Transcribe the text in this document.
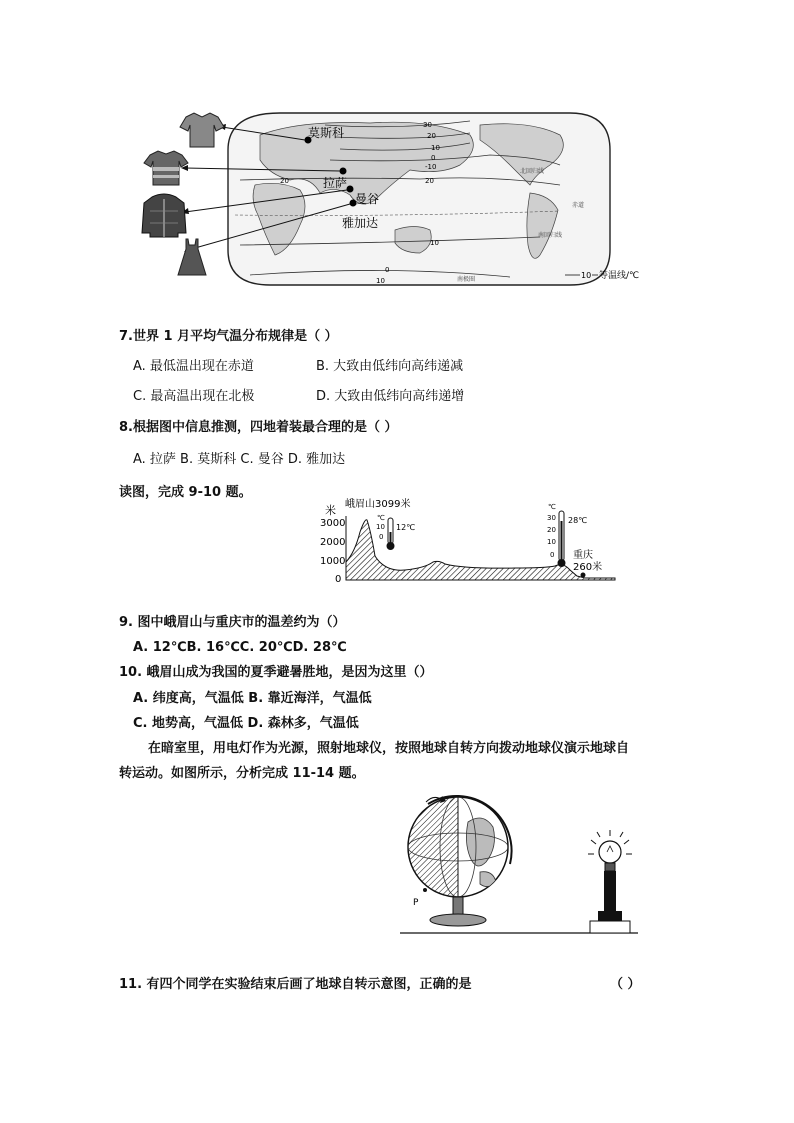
30
20
10
0
-10
20
10
0
10
20
北回归线
赤道
南回归线
南极圈
莫斯科
拉萨
曼谷
雅加达
10 等温线/℃
7.世界 1 月平均气温分布规律是（ ）
A. 最低温出现在赤道	B. 大致由低纬向高纬递减
C. 最高温出现在北极	D. 大致由低纬向高纬递增
8.根据图中信息推测，四地着装最合理的是（ ）
A. 拉萨 B. 莫斯科 C. 曼谷 D. 雅加达
读图，完成 9-10 题。
米
3000
2000
1000
0
峨眉山3099米
℃
10
0
12℃
℃
30
20
10
0
28℃
重庆
260米
9. 图中峨眉山与重庆市的温差约为（）
A. 12℃B. 16℃C. 20℃D. 28℃
10. 峨眉山成为我国的夏季避暑胜地，是因为这里（）
A. 纬度高，气温低 B. 靠近海洋，气温低
C. 地势高，气温低 D. 森林多，气温低
在暗室里，用电灯作为光源，照射地球仪，按照地球自转方向拨动地球仪演示地球自
转运动。如图所示，分析完成 11-14 题。
P
11. 有四个同学在实验结束后画了地球自转示意图，正确的是	（ ）
